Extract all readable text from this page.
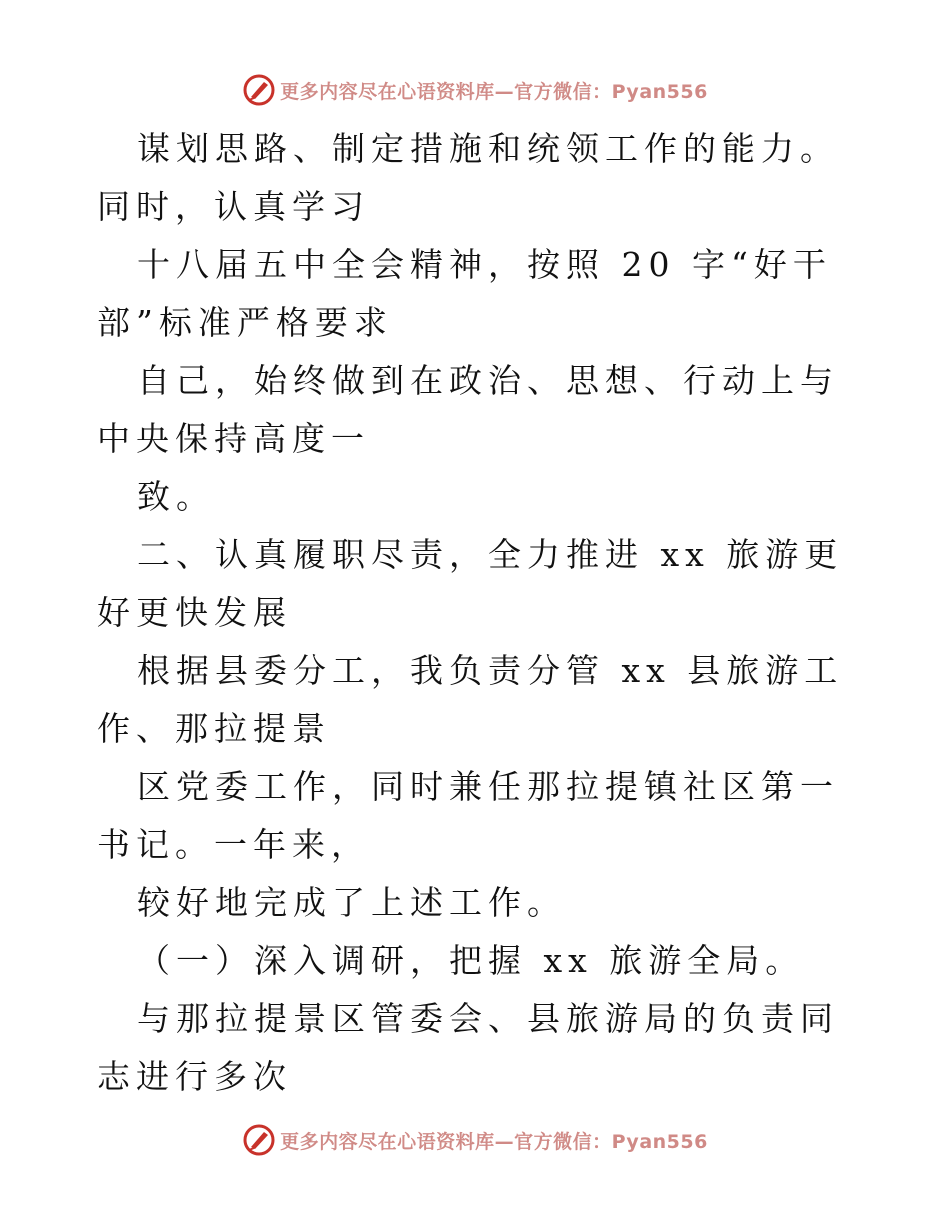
更多内容尽在心语资料库—官方微信：Pyan556

谋划思路、制定措施和统领工作的能力。同时，认真学习

十八届五中全会精神，按照 20 字“好干部”标准严格要求

自己，始终做到在政治、思想、行动上与中央保持高度一

致。

二、认真履职尽责，全力推进 xx 旅游更好更快发展

根据县委分工，我负责分管 xx 县旅游工作、那拉提景

区党委工作，同时兼任那拉提镇社区第一书记。一年来，

较好地完成了上述工作。

（一）深入调研，把握 xx 旅游全局。

与那拉提景区管委会、县旅游局的负责同志进行多次

更多内容尽在心语资料库—官方微信：Pyan556
